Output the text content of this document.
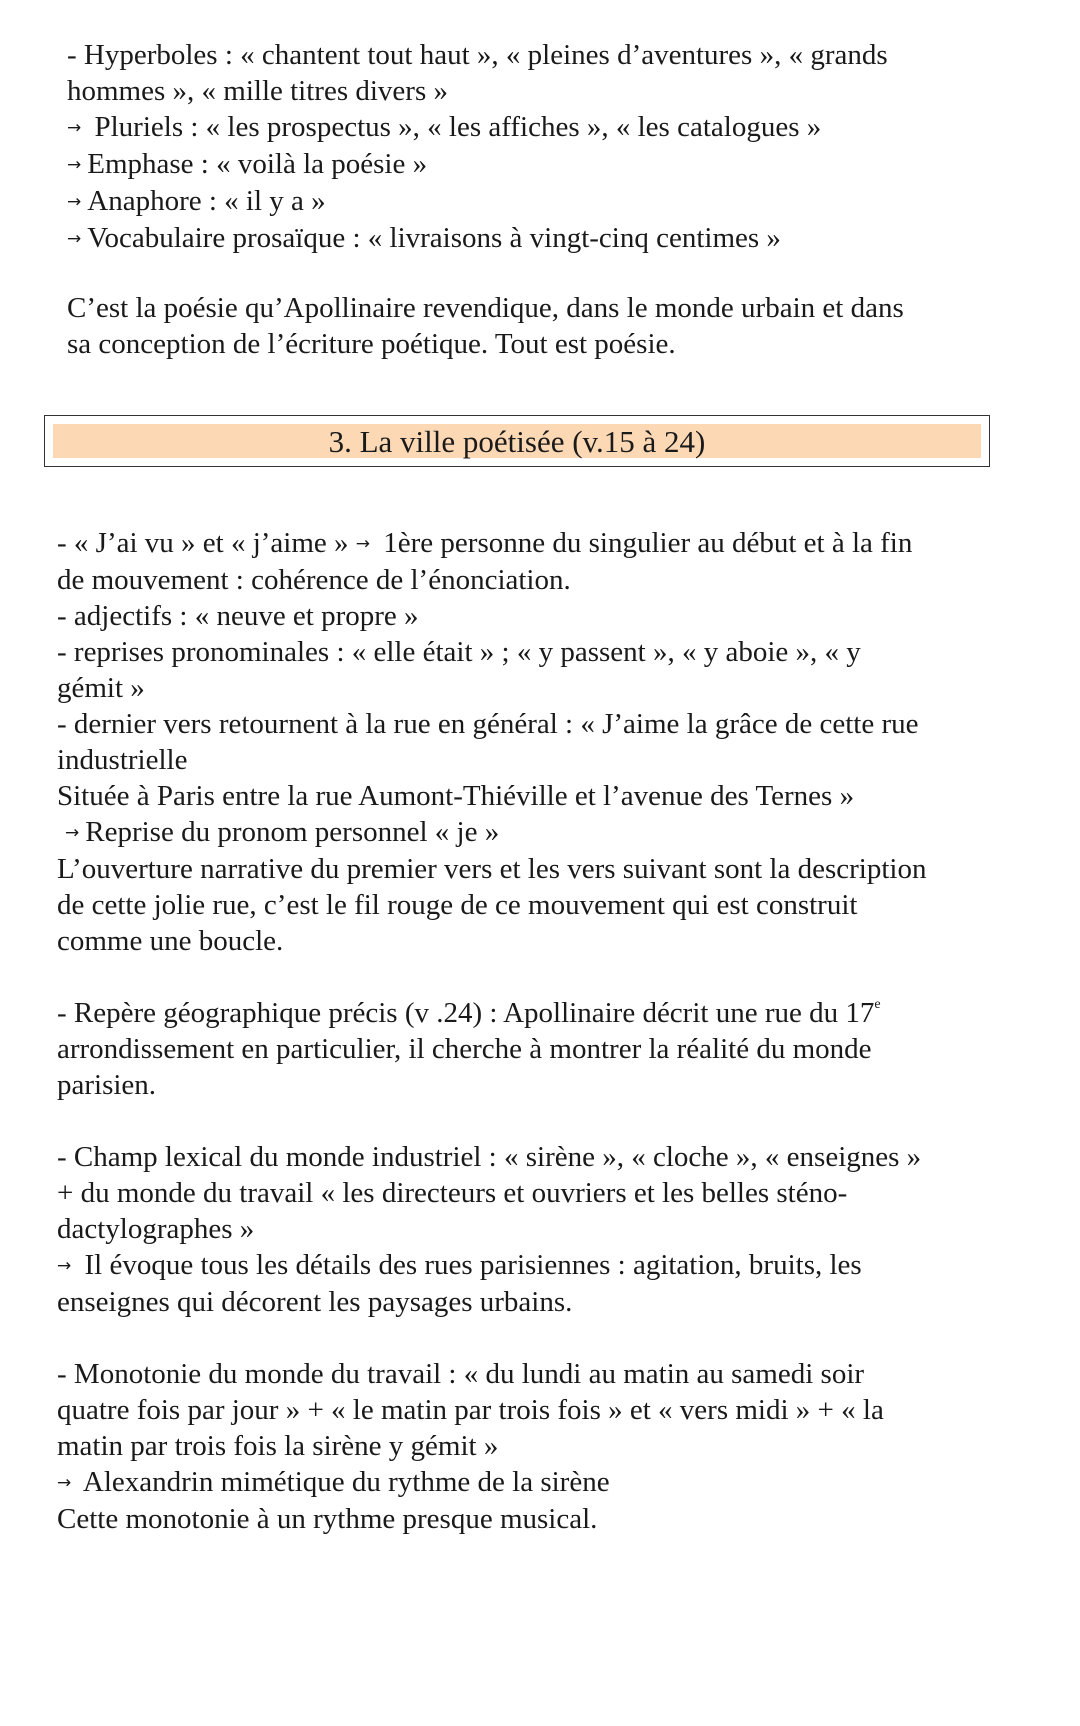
- Hyperboles : « chantent tout haut », « pleines d’aventures », « grands
hommes », « mille titres divers »
→ Pluriels : « les prospectus », « les affiches », « les catalogues »
→ Emphase : « voilà la poésie »
→ Anaphore : « il y a »
→ Vocabulaire prosaïque : « livraisons à vingt-cinq centimes »
C’est la poésie qu’Apollinaire revendique, dans le monde urbain et dans
sa conception de l’écriture poétique. Tout est poésie.
3. La ville poétisée (v.15 à 24)
- « J’ai vu » et « j’aime » → 1ère personne du singulier au début et à la fin
de mouvement : cohérence de l’énonciation.
- adjectifs : « neuve et propre »
- reprises pronominales : « elle était » ; « y passent », « y aboie », « y
gémit »
- dernier vers retournent à la rue en général : « J’aime la grâce de cette rue
industrielle
Située à Paris entre la rue Aumont-Thiéville et l’avenue des Ternes »
→ Reprise du pronom personnel « je »
L’ouverture narrative du premier vers et les vers suivant sont la description
de cette jolie rue, c’est le fil rouge de ce mouvement qui est construit
comme une boucle.
- Repère géographique précis (v .24) : Apollinaire décrit une rue du 17e
arrondissement en particulier, il cherche à montrer la réalité du monde
parisien.
- Champ lexical du monde industriel : « sirène », « cloche », « enseignes »
+ du monde du travail « les directeurs et ouvriers et les belles sténo-
dactylographes »
→ Il évoque tous les détails des rues parisiennes : agitation, bruits, les
enseignes qui décorent les paysages urbains.
- Monotonie du monde du travail : « du lundi au matin au samedi soir
quatre fois par jour » + « le matin par trois fois » et « vers midi » + « la
matin par trois fois la sirène y gémit »
→ Alexandrin mimétique du rythme de la sirène
Cette monotonie à un rythme presque musical.
